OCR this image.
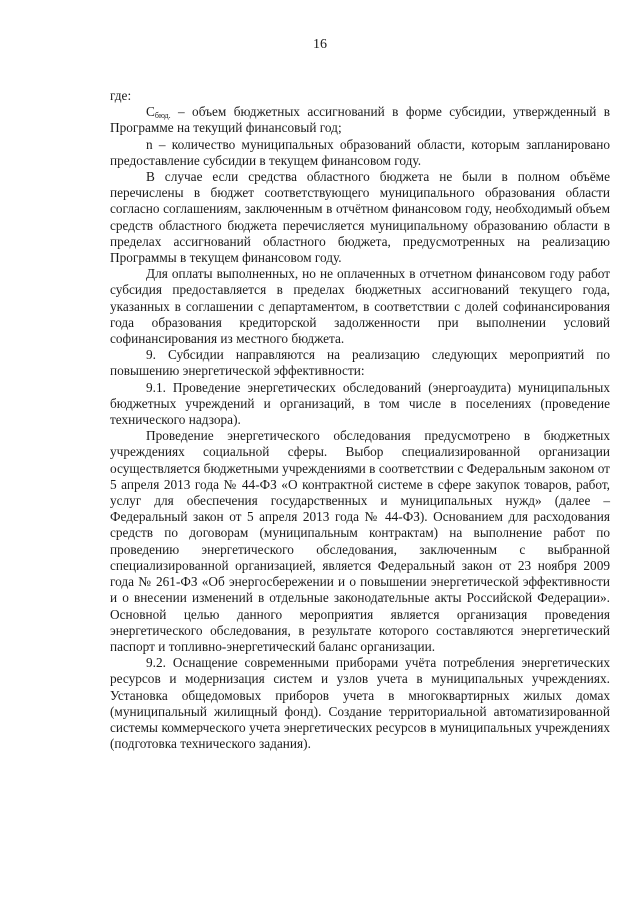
16

где:

$С_{бюд.}$ – объем бюджетных ассигнований в форме субсидии, утвержденный в Программе на текущий финансовый год;

n – количество муниципальных образований области, которым запланировано предоставление субсидии в текущем финансовом году.

В случае если средства областного бюджета не были в полном объёме перечислены в бюджет соответствующего муниципального образования области согласно соглашениям, заключенным в отчётном финансовом году, необходимый объем средств областного бюджета перечисляется муниципальному образованию области в пределах ассигнований областного бюджета, предусмотренных на реализацию Программы в текущем финансовом году.

Для оплаты выполненных, но не оплаченных в отчетном финансовом году работ субсидия предоставляется в пределах бюджетных ассигнований текущего года, указанных в соглашении с департаментом, в соответствии с долей софинансирования года образования кредиторской задолженности при выполнении условий софинансирования из местного бюджета.

9. Субсидии направляются на реализацию следующих мероприятий по повышению энергетической эффективности:

9.1. Проведение энергетических обследований (энергоаудита) муниципальных бюджетных учреждений и организаций, в том числе в поселениях (проведение технического надзора).

Проведение энергетического обследования предусмотрено в бюджетных учреждениях социальной сферы. Выбор специализированной организации осуществляется бюджетными учреждениями в соответствии с Федеральным законом от 5 апреля 2013 года № 44-ФЗ «О контрактной системе в сфере закупок товаров, работ, услуг для обеспечения государственных и муниципальных нужд» (далее – Федеральный закон от 5 апреля 2013 года № 44-ФЗ). Основанием для расходования средств по договорам (муниципальным контрактам) на выполнение работ по проведению энергетического обследования, заключенным с выбранной специализированной организацией, является Федеральный закон от 23 ноября 2009 года № 261-ФЗ «Об энергосбережении и о повышении энергетической эффективности и о внесении изменений в отдельные законодательные акты Российской Федерации». Основной целью данного мероприятия является организация проведения энергетического обследования, в результате которого составляются энергетический паспорт и топливно-энергетический баланс организации.

9.2. Оснащение современными приборами учёта потребления энергетических ресурсов и модернизация систем и узлов учета в муниципальных учреждениях. Установка общедомовых приборов учета в многоквартирных жилых домах (муниципальный жилищный фонд). Создание территориальной автоматизированной системы коммерческого учета энергетических ресурсов в муниципальных учреждениях (подготовка технического задания).
